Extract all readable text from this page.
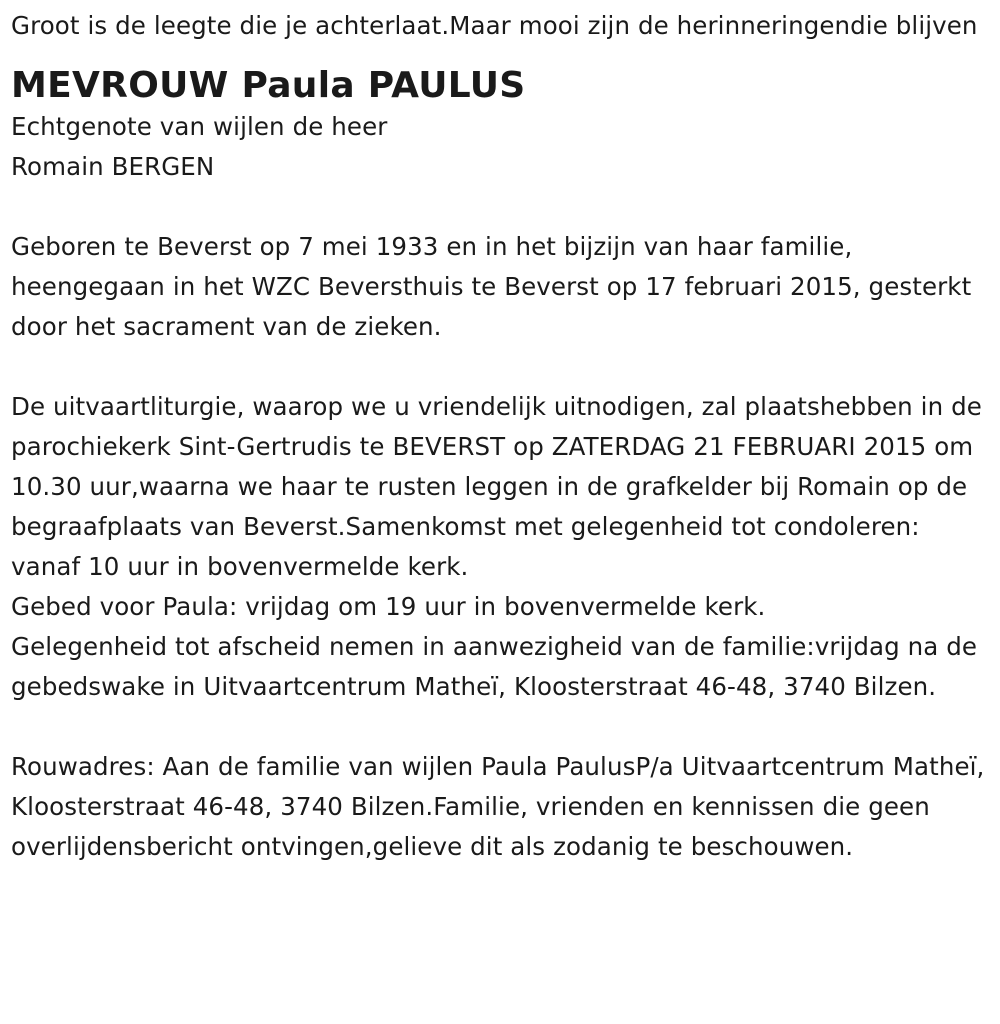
Groot is de leegte die je achterlaat.Maar mooi zijn de herinneringendie blijven

MEVROUW Paula PAULUS

Echtgenote van wijlen de heer
Romain BERGEN

Geboren te Beverst op 7 mei 1933 en in het bijzijn van haar familie, heengegaan in het WZC Beversthuis te Beverst op 17 februari 2015, gesterkt door het sacrament van de zieken.

De uitvaartliturgie, waarop we u vriendelijk uitnodigen, zal plaatshebben in de parochiekerk Sint-Gertrudis te BEVERST op ZATERDAG 21 FEBRUARI 2015 om 10.30 uur,waarna we haar te rusten leggen in de grafkelder bij Romain op de begraafplaats van Beverst.Samenkomst met gelegenheid tot condoleren: vanaf 10 uur in bovenvermelde kerk.

Gebed voor Paula: vrijdag om 19 uur in bovenvermelde kerk.

Gelegenheid tot afscheid nemen in aanwezigheid van de familie:vrijdag na de gebedswake in Uitvaartcentrum Matheï, Kloosterstraat 46-48, 3740 Bilzen.

Rouwadres: Aan de familie van wijlen Paula PaulusP/a Uitvaartcentrum Matheï, Kloosterstraat 46-48, 3740 Bilzen.Familie, vrienden en kennissen die geen overlijdensbericht ontvingen,gelieve dit als zodanig te beschouwen.
